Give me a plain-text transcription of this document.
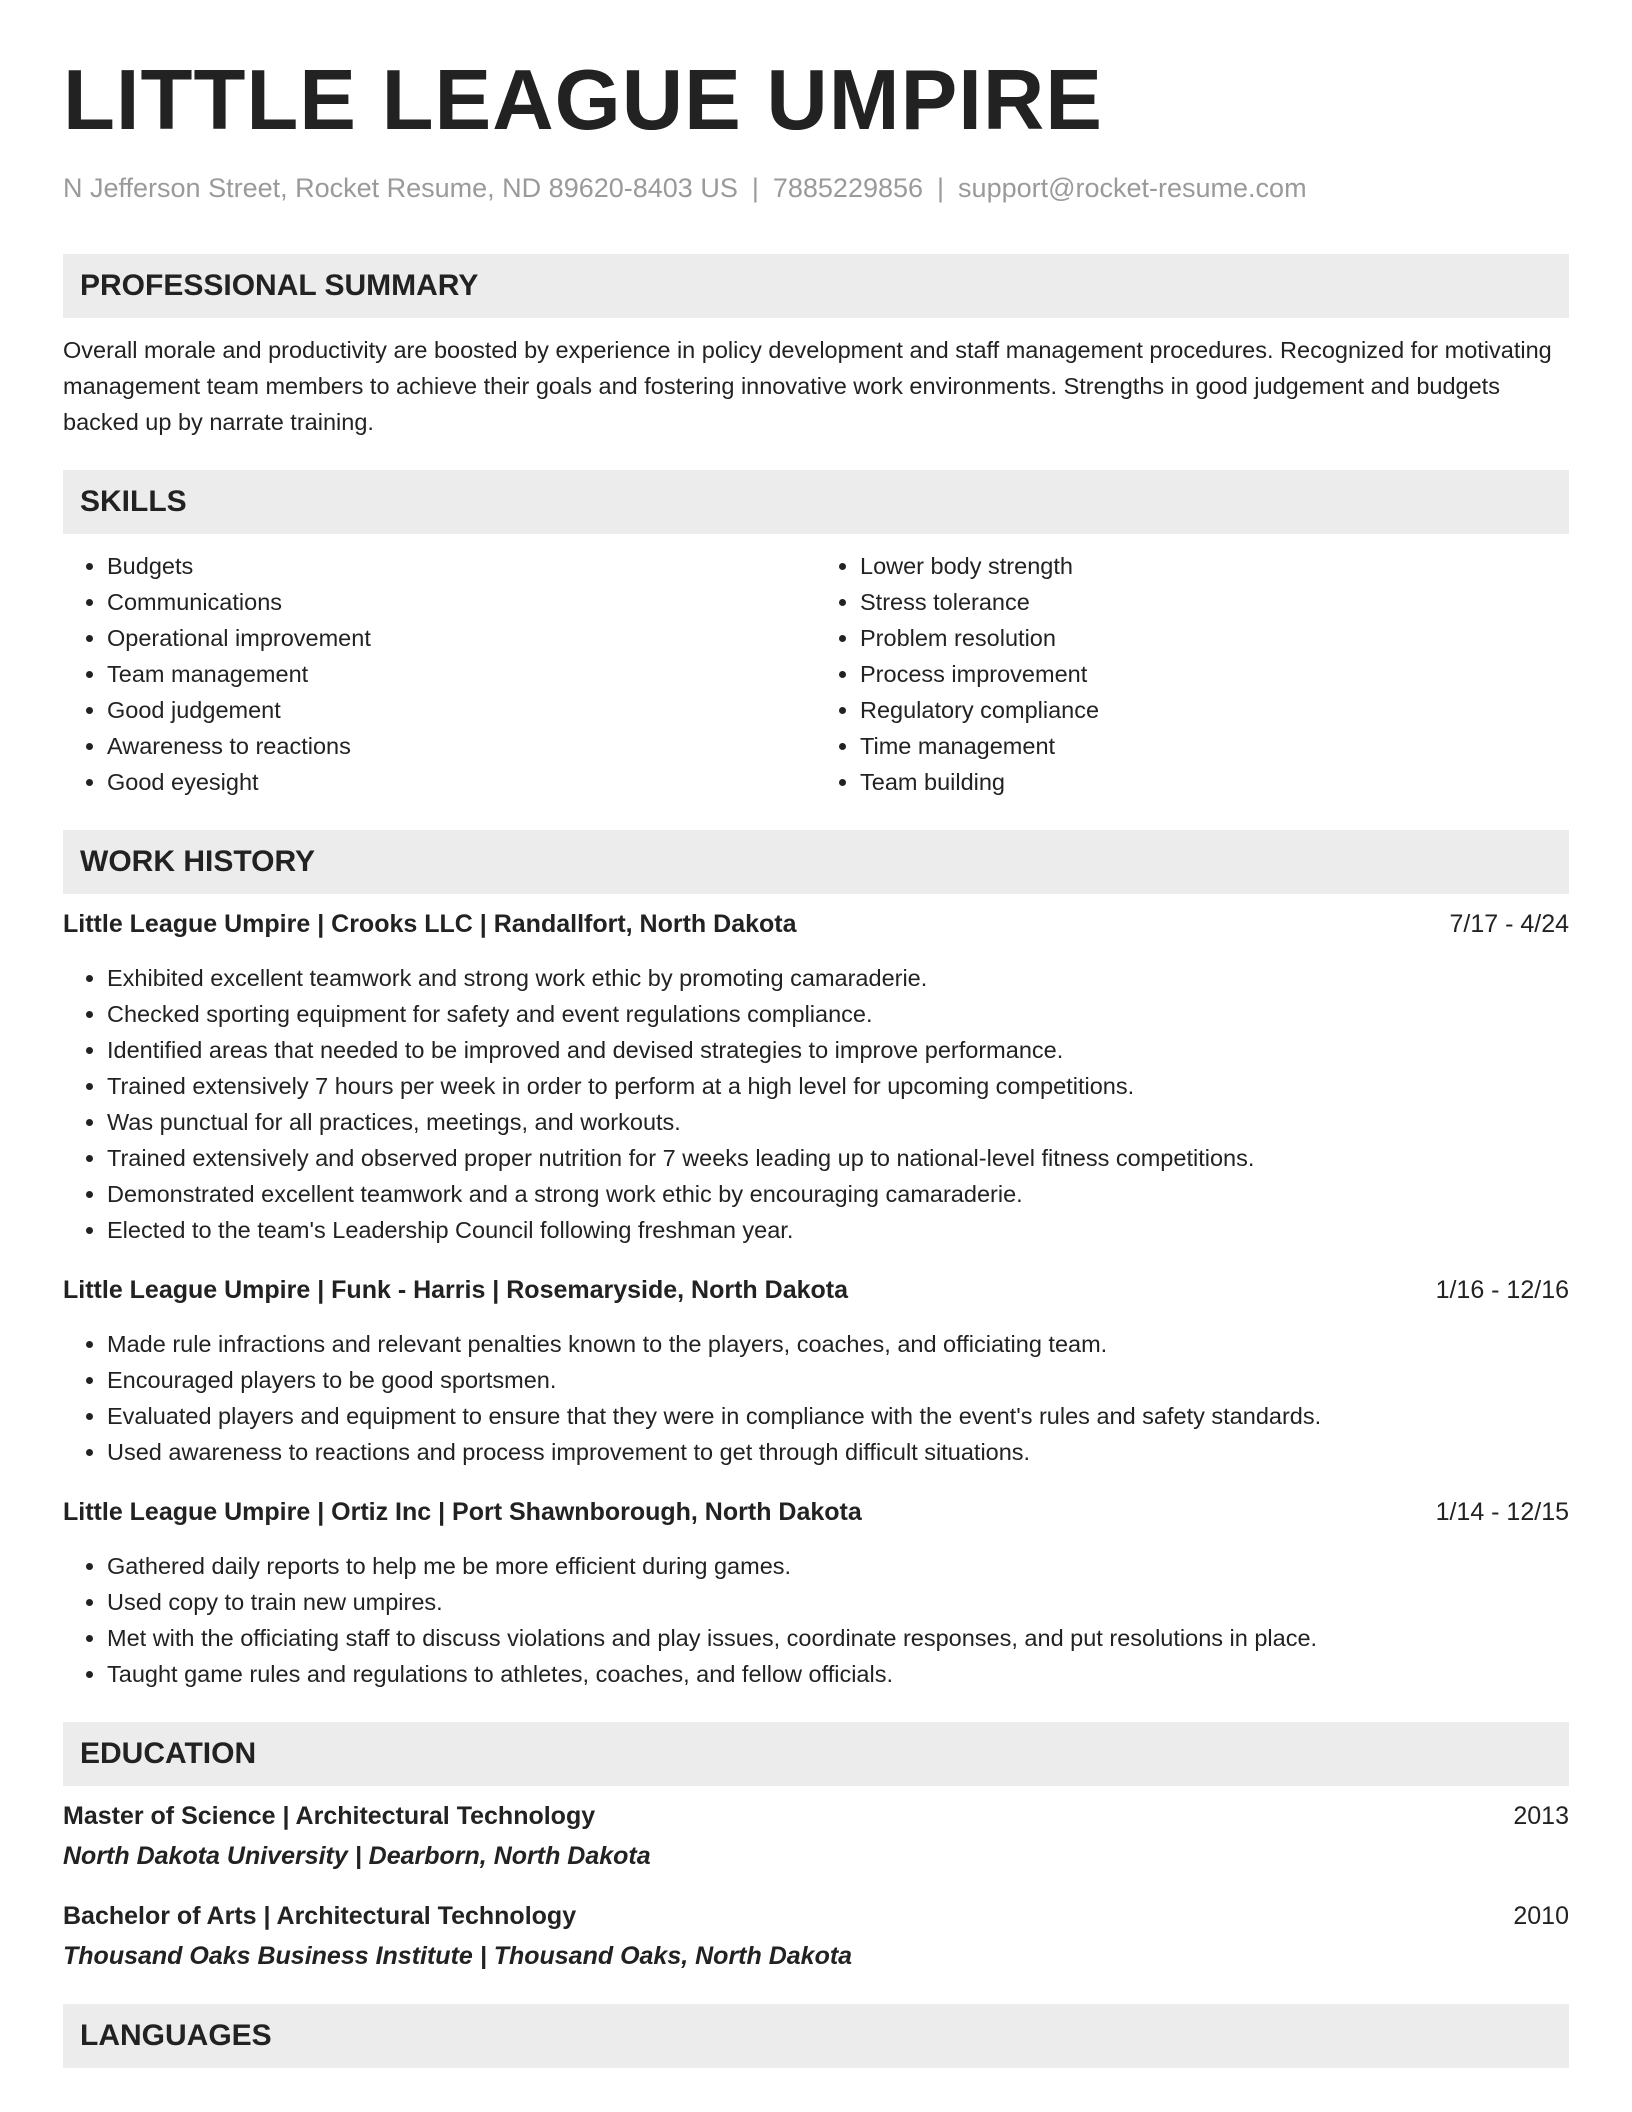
LITTLE LEAGUE UMPIRE
N Jefferson Street, Rocket Resume, ND 89620-8403 US | 7885229856 | support@rocket-resume.com
PROFESSIONAL SUMMARY
Overall morale and productivity are boosted by experience in policy development and staff management procedures. Recognized for motivating management team members to achieve their goals and fostering innovative work environments. Strengths in good judgement and budgets backed up by narrate training.
SKILLS
• Budgets
• Communications
• Operational improvement
• Team management
• Good judgement
• Awareness to reactions
• Good eyesight
• Lower body strength
• Stress tolerance
• Problem resolution
• Process improvement
• Regulatory compliance
• Time management
• Team building
WORK HISTORY
Little League Umpire | Crooks LLC | Randallfort, North Dakota	7/17 - 4/24
• Exhibited excellent teamwork and strong work ethic by promoting camaraderie.
• Checked sporting equipment for safety and event regulations compliance.
• Identified areas that needed to be improved and devised strategies to improve performance.
• Trained extensively 7 hours per week in order to perform at a high level for upcoming competitions.
• Was punctual for all practices, meetings, and workouts.
• Trained extensively and observed proper nutrition for 7 weeks leading up to national-level fitness competitions.
• Demonstrated excellent teamwork and a strong work ethic by encouraging camaraderie.
• Elected to the team's Leadership Council following freshman year.
Little League Umpire | Funk - Harris | Rosemaryside, North Dakota	1/16 - 12/16
• Made rule infractions and relevant penalties known to the players, coaches, and officiating team.
• Encouraged players to be good sportsmen.
• Evaluated players and equipment to ensure that they were in compliance with the event's rules and safety standards.
• Used awareness to reactions and process improvement to get through difficult situations.
Little League Umpire | Ortiz Inc | Port Shawnborough, North Dakota	1/14 - 12/15
• Gathered daily reports to help me be more efficient during games.
• Used copy to train new umpires.
• Met with the officiating staff to discuss violations and play issues, coordinate responses, and put resolutions in place.
• Taught game rules and regulations to athletes, coaches, and fellow officials.
EDUCATION
Master of Science | Architectural Technology	2013
North Dakota University | Dearborn, North Dakota
Bachelor of Arts | Architectural Technology	2010
Thousand Oaks Business Institute | Thousand Oaks, North Dakota
LANGUAGES
